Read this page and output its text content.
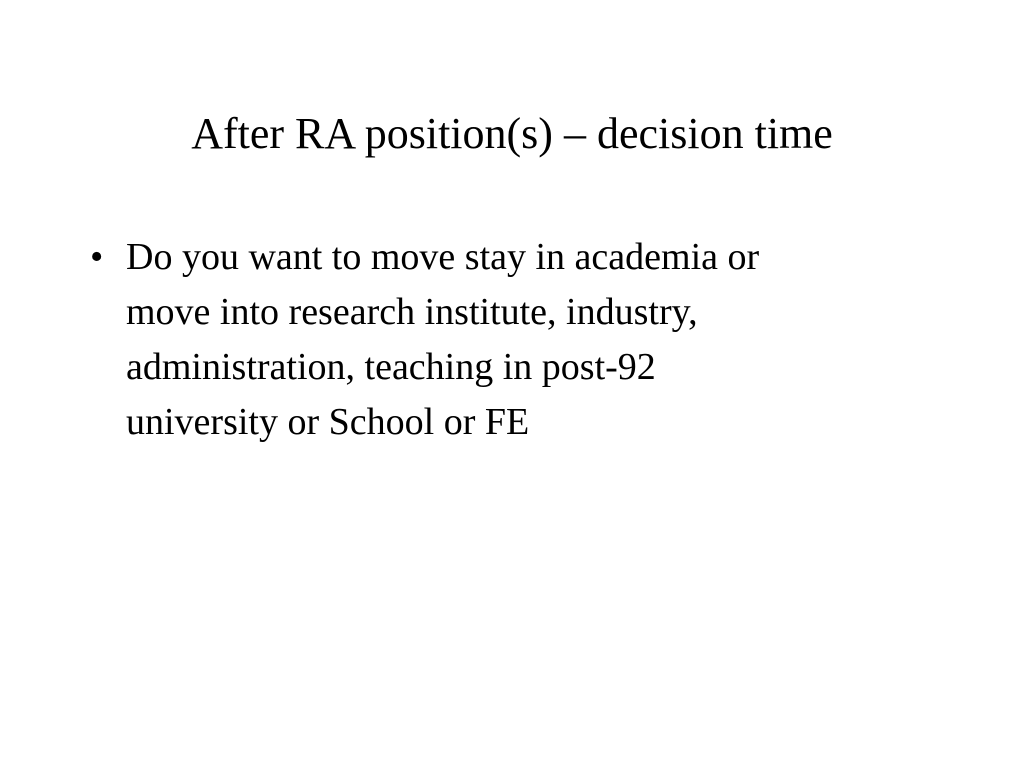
After RA position(s) – decision time
• Do you want to move stay in academia or
move into research institute, industry,
administration, teaching in post-92
university or School or FE
